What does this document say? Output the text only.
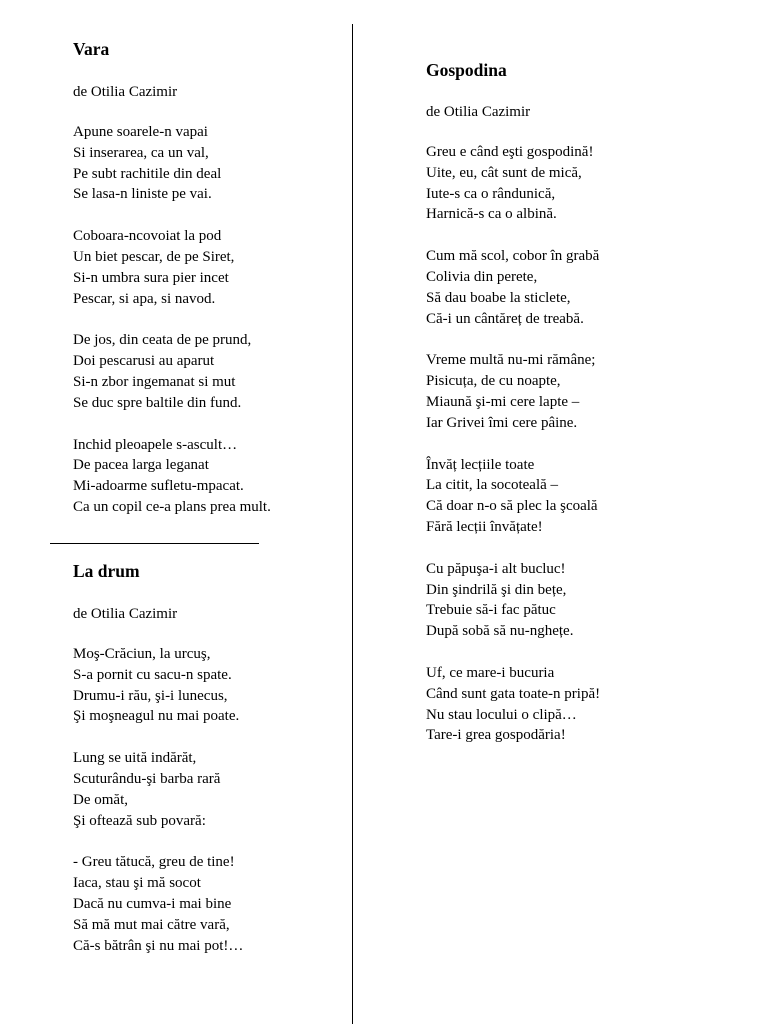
Vara

de Otilia Cazimir

Apune soarele-n vapai
Si inserarea, ca un val,
Pe subt rachitile din deal
Se lasa-n liniste pe vai.
Coboara-ncovoiat la pod
Un biet pescar, de pe Siret,
Si-n umbra sura pier incet
Pescar, si apa, si navod.
De jos, din ceata de pe prund,
Doi pescarusi au aparut
Si-n zbor ingemanat si mut
Se duc spre baltile din fund.
Inchid pleoapele s-ascult…
De pacea larga leganat
Mi-adoarme sufletu-mpacat.
Ca un copil ce-a plans prea mult.
La drum

de Otilia Cazimir

Moş-Crăciun, la urcuş,
S-a pornit cu sacu-n spate.
Drumu-i rău, şi-i lunecus,
Şi moşneagul nu mai poate.
Lung se uită indărăt,
Scuturându-şi barba rară
De omăt,
Şi oftează sub povară:
- Greu tătucă, greu de tine!
Iaca, stau şi mă socot
Dacă nu cumva-i mai bine
Să mă mut mai către vară,
Că-s bătrân şi nu mai pot!…
Gospodina

de Otilia Cazimir

Greu e când eşti gospodină!
Uite, eu, cât sunt de mică,
Iute-s ca o rândunică,
Harnică-s ca o albină.
Cum mă scol, cobor în grabă
Colivia din perete,
Să dau boabe la sticlete,
Că-i un cântăreț de treabă.
Vreme multă nu-mi rămâne;
Pisicuța, de cu noapte,
Miaună şi-mi cere lapte –
Iar Grivei îmi cere pâine.
Învăț lecțiile toate
La citit, la socoteală –
Că doar n-o să plec la şcoală
Fără lecții învățate!
Cu păpuşa-i alt bucluc!
Din şindrilă şi din bețe,
Trebuie să-i fac pătuc
După sobă să nu-nghețe.
Uf, ce mare-i bucuria
Când sunt gata toate-n pripă!
Nu stau locului o clipă…
Tare-i grea gospodăria!
